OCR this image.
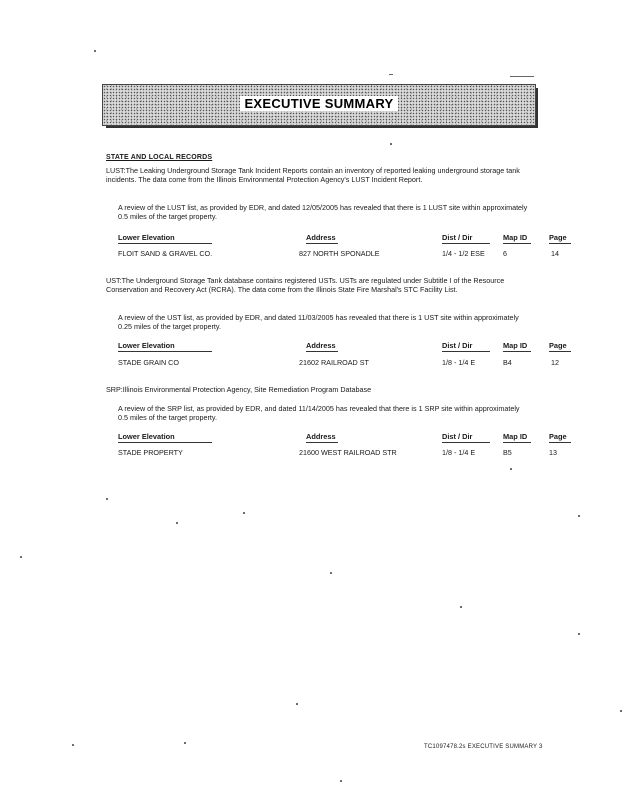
EXECUTIVE SUMMARY
STATE AND LOCAL RECORDS
LUST:The Leaking Underground Storage Tank Incident Reports contain an inventory of reported leaking underground storage tank incidents. The data come from the Illinois Environmental Protection Agency's LUST Incident Report.
A review of the LUST list, as provided by EDR, and dated 12/05/2005 has revealed that there is 1 LUST site within approximately 0.5 miles of the target property.
Lower Elevation	Address	Dist / Dir	Map ID	Page
FLOIT SAND & GRAVEL CO.	827 NORTH SPONADLE	1/4 - 1/2 ESE	6	14
UST:The Underground Storage Tank database contains registered USTs. USTs are regulated under Subtitle I of the Resource Conservation and Recovery Act (RCRA). The data come from the Illinois State Fire Marshal's STC Facility List.
A review of the UST list, as provided by EDR, and dated 11/03/2005 has revealed that there is 1 UST site within approximately 0.25 miles of the target property.
Lower Elevation	Address	Dist / Dir	Map ID	Page
STADE GRAIN CO	21602 RAILROAD ST	1/8 - 1/4 E	B4	12
SRP:Illinois Environmental Protection Agency, Site Remediation Program Database
A review of the SRP list, as provided by EDR, and dated 11/14/2005 has revealed that there is 1 SRP site within approximately 0.5 miles of the target property.
Lower Elevation	Address	Dist / Dir	Map ID	Page
STADE PROPERTY	21600 WEST RAILROAD STR	1/8 - 1/4 E	B5	13
TC1097478.2s EXECUTIVE SUMMARY 3
